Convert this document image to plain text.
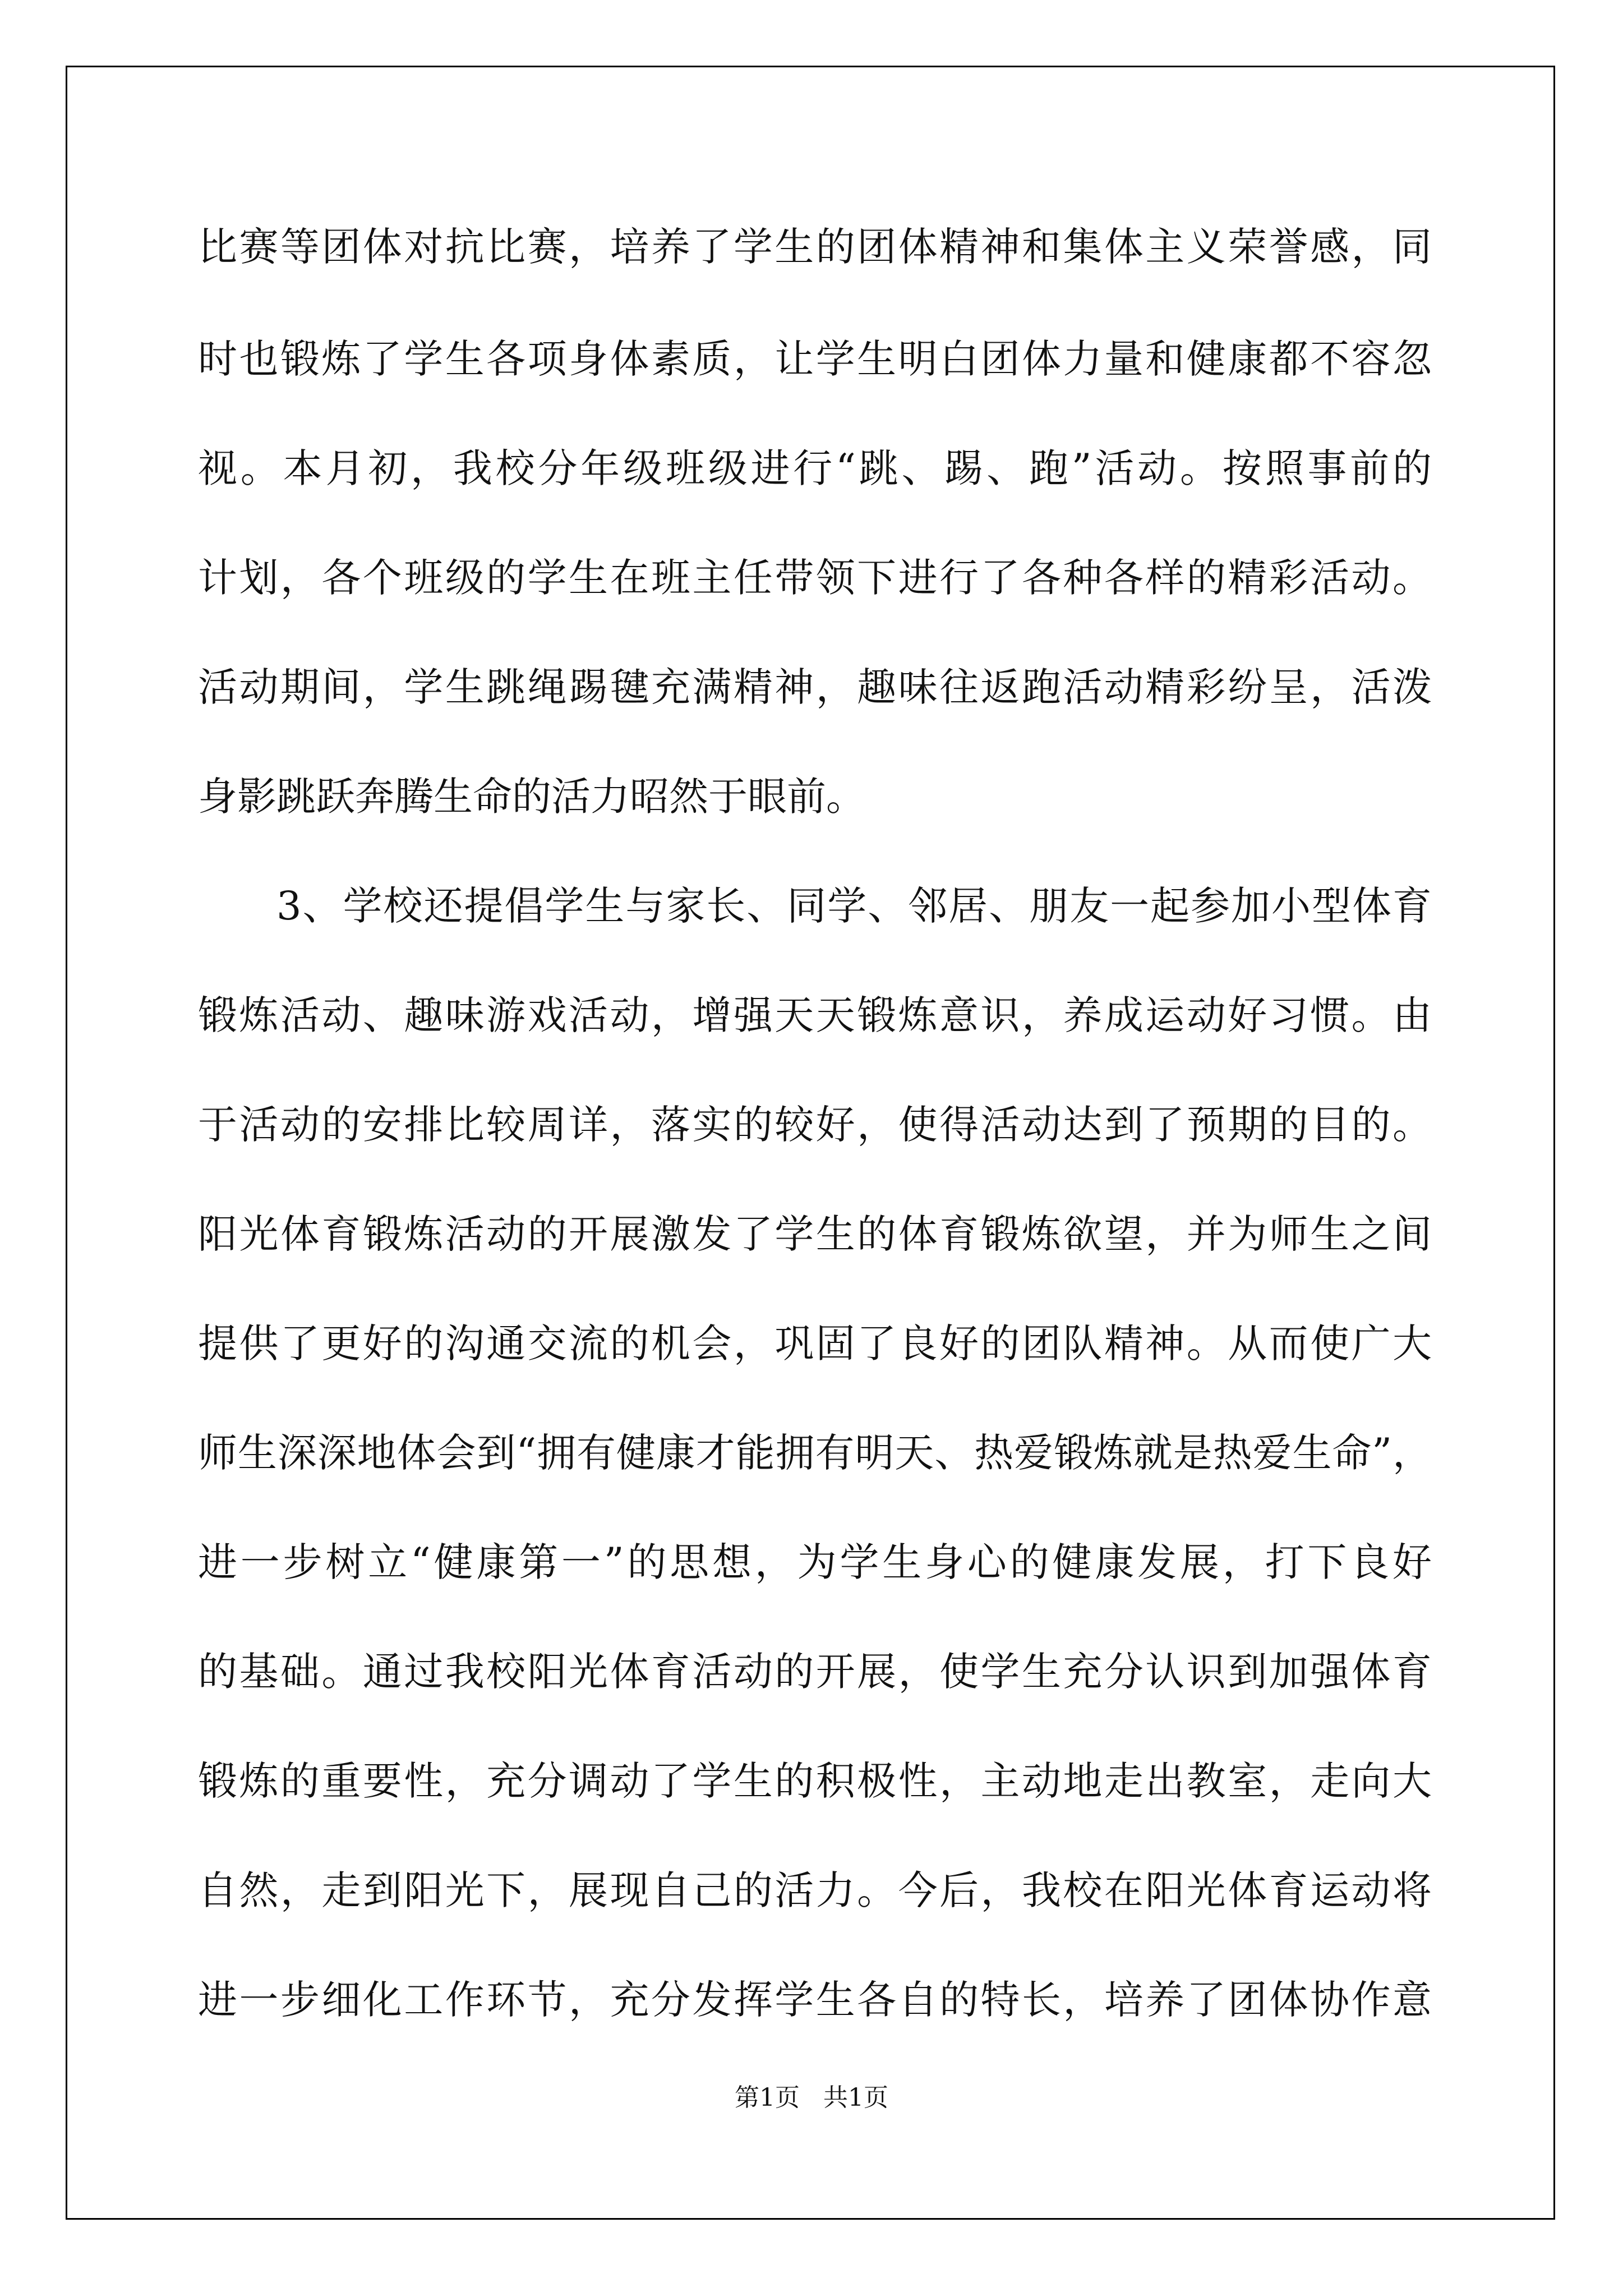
比赛等团体对抗比赛，培养了学生的团体精神和集体主义荣誉感，同
时也锻炼了学生各项身体素质，让学生明白团体力量和健康都不容忽
视。本月初，我校分年级班级进行“跳、踢、跑”活动。按照事前的
计划，各个班级的学生在班主任带领下进行了各种各样的精彩活动。
活动期间，学生跳绳踢毽充满精神，趣味往返跑活动精彩纷呈，活泼
身影跳跃奔腾生命的活力昭然于眼前。
3、学校还提倡学生与家长、同学、邻居、朋友一起参加小型体育
锻炼活动、趣味游戏活动，增强天天锻炼意识，养成运动好习惯。由
于活动的安排比较周详，落实的较好，使得活动达到了预期的目的。
阳光体育锻炼活动的开展激发了学生的体育锻炼欲望，并为师生之间
提供了更好的沟通交流的机会，巩固了良好的团队精神。从而使广大
师生深深地体会到“拥有健康才能拥有明天、热爱锻炼就是热爱生命”，
进一步树立“健康第一”的思想，为学生身心的健康发展，打下良好
的基础。通过我校阳光体育活动的开展，使学生充分认识到加强体育
锻炼的重要性，充分调动了学生的积极性，主动地走出教室，走向大
自然，走到阳光下，展现自己的活力。今后，我校在阳光体育运动将
进一步细化工作环节，充分发挥学生各自的特长，培养了团体协作意
第1页   共1页
